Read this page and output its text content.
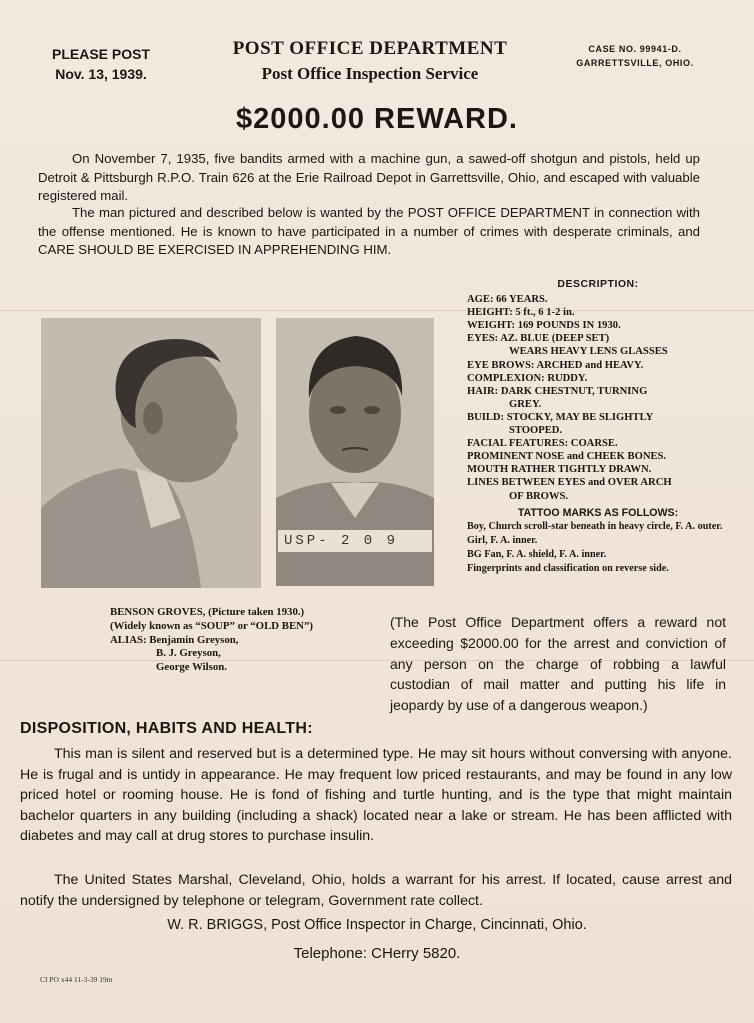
PLEASE POST
Nov. 13, 1939.
POST OFFICE DEPARTMENT
Post Office Inspection Service
CASE NO. 99941-D.
GARRETTSVILLE, OHIO.
$2000.00 REWARD.
On November 7, 1935, five bandits armed with a machine gun, a sawed-off shotgun and pistols, held up Detroit & Pittsburgh R.P.O. Train 626 at the Erie Railroad Depot in Garrettsville, Ohio, and escaped with valuable registered mail.
The man pictured and described below is wanted by the POST OFFICE DEPARTMENT in connection with the offense mentioned. He is known to have participated in a number of crimes with desperate criminals, and CARE SHOULD BE EXERCISED IN APPREHENDING HIM.
DESCRIPTION:
AGE: 66 YEARS.
HEIGHT: 5 ft., 6 1-2 in.
WEIGHT: 169 POUNDS IN 1930.
EYES: AZ. BLUE (DEEP SET)
WEARS HEAVY LENS GLASSES
EYE BROWS: ARCHED and HEAVY.
COMPLEXION: RUDDY.
HAIR: DARK CHESTNUT, TURNING
GREY.
BUILD: STOCKY, MAY BE SLIGHTLY
STOOPED.
FACIAL FEATURES: COARSE.
PROMINENT NOSE and CHEEK BONES.
MOUTH RATHER TIGHTLY DRAWN.
LINES BETWEEN EYES and OVER ARCH
OF BROWS.
TATTOO MARKS AS FOLLOWS:
Boy, Church scroll-star beneath in heavy circle, F. A. outer.
Girl, F. A. inner.
BG Fan, F. A. shield, F. A. inner.
Fingerprints and classification on reverse side.
USP- 2 0 9
BENSON GROVES, (Picture taken 1930.)
(Widely known as “SOUP” or “OLD BEN”)
ALIAS: Benjamin Greyson,
B. J. Greyson,
George Wilson.
(The Post Office Department offers a reward not exceeding $2000.00 for the arrest and conviction of any person on the charge of robbing a lawful custodian of mail matter and putting his life in jeopardy by use of a dangerous weapon.)
DISPOSITION, HABITS AND HEALTH:
This man is silent and reserved but is a determined type. He may sit hours without conversing with anyone. He is frugal and is untidy in appearance. He may frequent low priced restaurants, and may be found in any low priced hotel or rooming house. He is fond of fishing and turtle hunting, and is the type that might maintain bachelor quarters in any building (including a shack) located near a lake or stream. He has been afflicted with diabetes and may call at drug stores to purchase insulin.
The United States Marshal, Cleveland, Ohio, holds a warrant for his arrest. If located, cause arrest and notify the undersigned by telephone or telegram, Government rate collect.
W. R. BRIGGS, Post Office Inspector in Charge, Cincinnati, Ohio.
Telephone: CHerry 5820.
CI PO x44 11-3-39 19m
